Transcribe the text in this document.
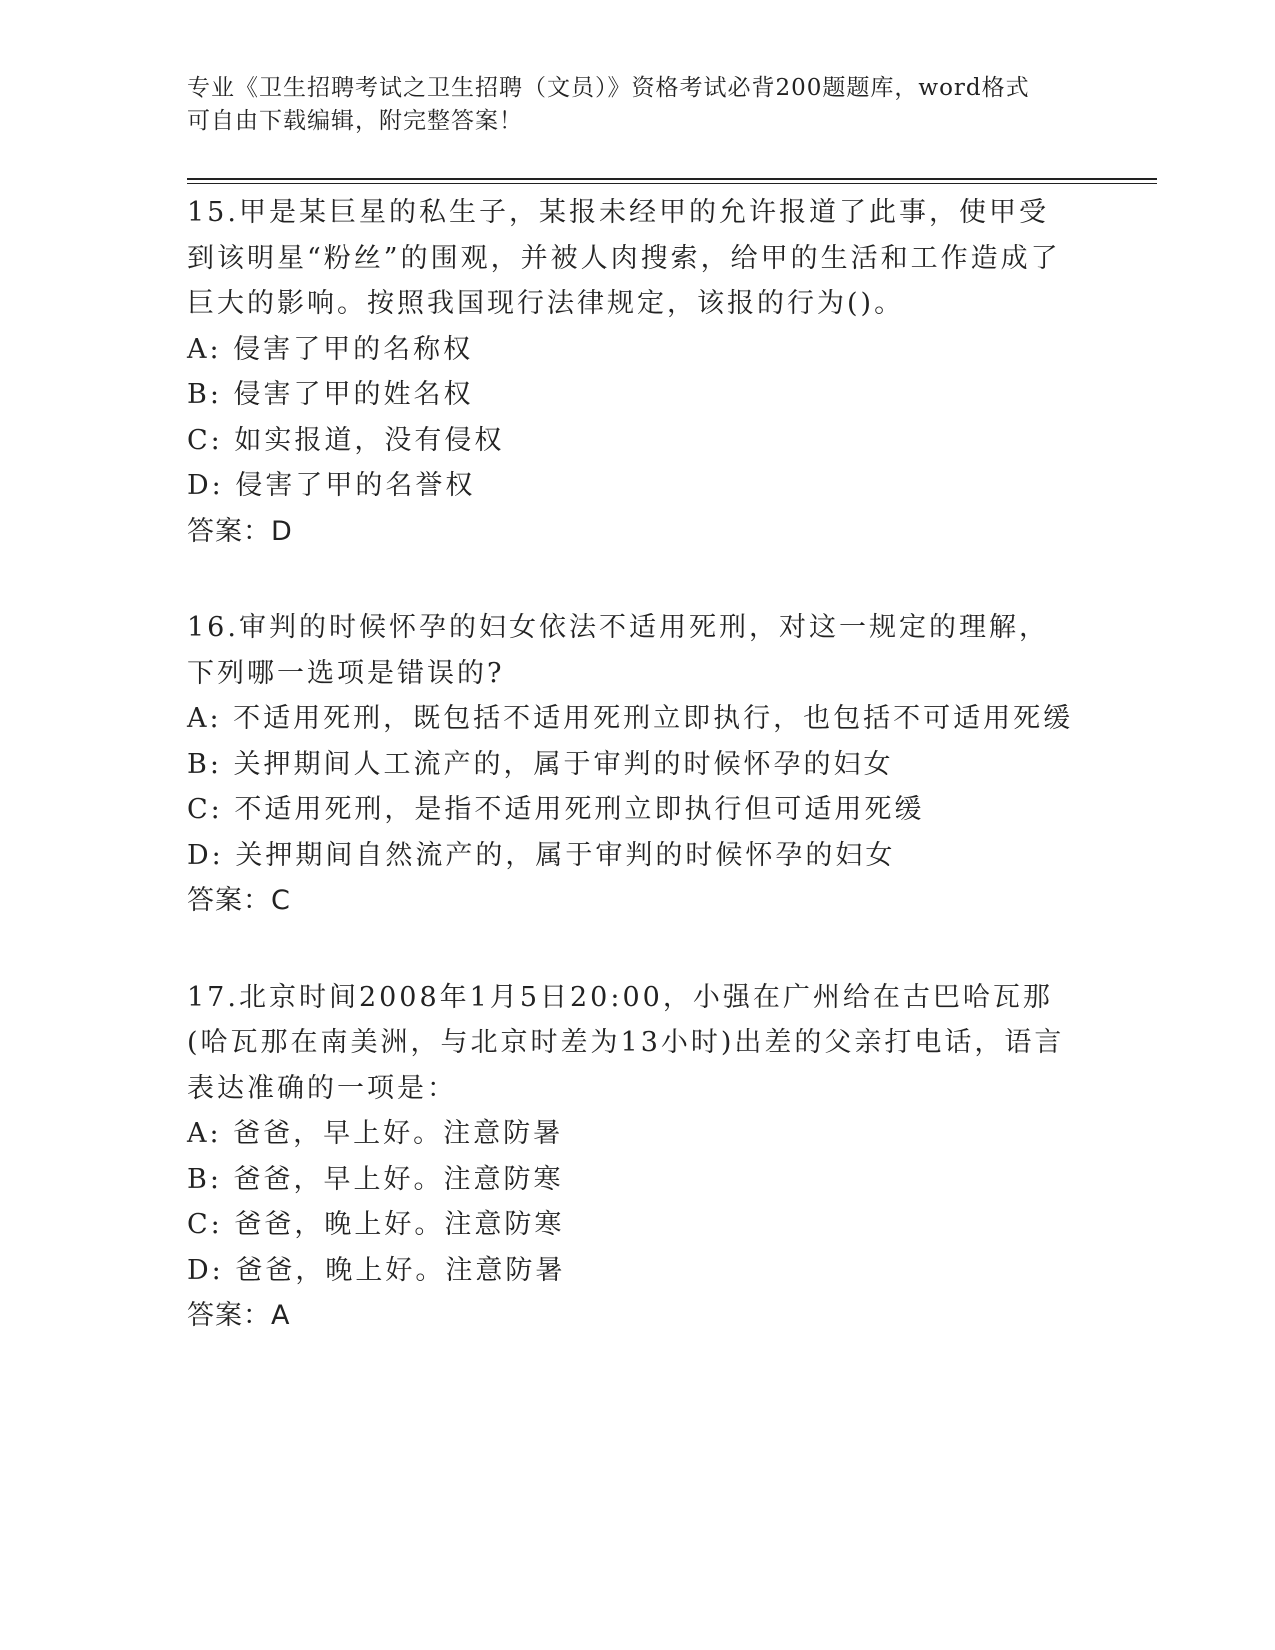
专业《卫生招聘考试之卫生招聘（文员）》资格考试必背200题题库，word格式
可自由下载编辑，附完整答案！
15.甲是某巨星的私生子，某报未经甲的允许报道了此事，使甲受到该明星“粉丝”的围观，并被人肉搜索，给甲的生活和工作造成了巨大的影响。按照我国现行法律规定，该报的行为()。
A: 侵害了甲的名称权
B: 侵害了甲的姓名权
C: 如实报道，没有侵权
D: 侵害了甲的名誉权
答案：D
16.审判的时候怀孕的妇女依法不适用死刑，对这一规定的理解，下列哪一选项是错误的?
A: 不适用死刑，既包括不适用死刑立即执行，也包括不可适用死缓
B: 关押期间人工流产的，属于审判的时候怀孕的妇女
C: 不适用死刑，是指不适用死刑立即执行但可适用死缓
D: 关押期间自然流产的，属于审判的时候怀孕的妇女
答案：C
17.北京时间2008年1月5日20:00，小强在广州给在古巴哈瓦那(哈瓦那在南美洲，与北京时差为13小时)出差的父亲打电话，语言表达准确的一项是：
A: 爸爸，早上好。注意防暑
B: 爸爸，早上好。注意防寒
C: 爸爸，晚上好。注意防寒
D: 爸爸，晚上好。注意防暑
答案：A
